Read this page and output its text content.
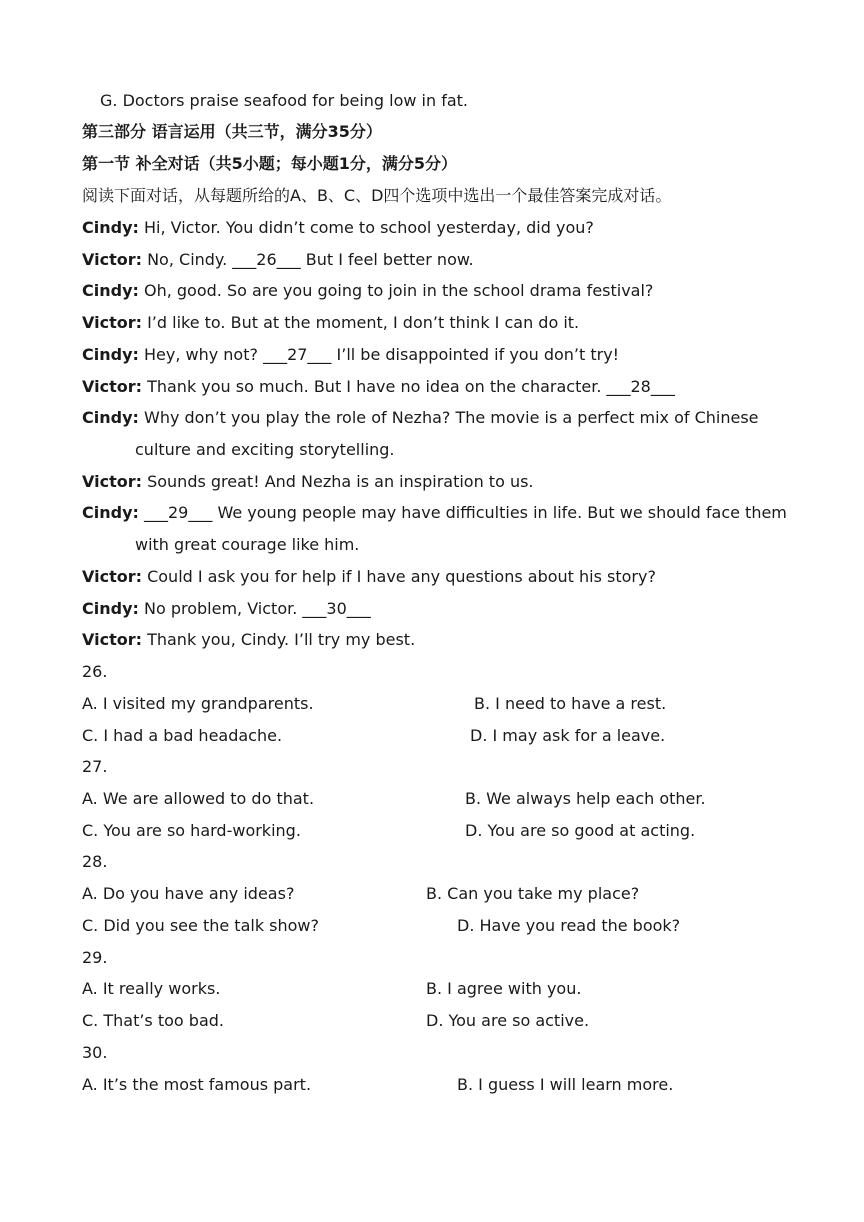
G. Doctors praise seafood for being low in fat.
第三部分 语言运用（共三节，满分35分）
第一节 补全对话（共5小题；每小题1分，满分5分）
阅读下面对话，从每题所给的A、B、C、D四个选项中选出一个最佳答案完成对话。
Cindy: Hi, Victor. You didn’t come to school yesterday, did you?
Victor: No, Cindy. ___26___ But I feel better now.
Cindy: Oh, good. So are you going to join in the school drama festival?
Victor: I’d like to. But at the moment, I don’t think I can do it.
Cindy: Hey, why not? ___27___ I’ll be disappointed if you don’t try!
Victor: Thank you so much. But I have no idea on the character. ___28___
Cindy: Why don’t you play the role of Nezha? The movie is a perfect mix of Chinese
culture and exciting storytelling.
Victor: Sounds great! And Nezha is an inspiration to us.
Cindy: ___29___ We young people may have difficulties in life. But we should face them
with great courage like him.
Victor: Could I ask you for help if I have any questions about his story?
Cindy: No problem, Victor. ___30___
Victor: Thank you, Cindy. I’ll try my best.
26.
A. I visited my grandparents.	B. I need to have a rest.
C. I had a bad headache.	D. I may ask for a leave.
27.
A. We are allowed to do that.	B. We always help each other.
C. You are so hard-working.	D. You are so good at acting.
28.
A. Do you have any ideas?	B. Can you take my place?
C. Did you see the talk show?	D. Have you read the book?
29.
A. It really works.	B. I agree with you.
C. That’s too bad.	D. You are so active.
30.
A. It’s the most famous part.	B. I guess I will learn more.
